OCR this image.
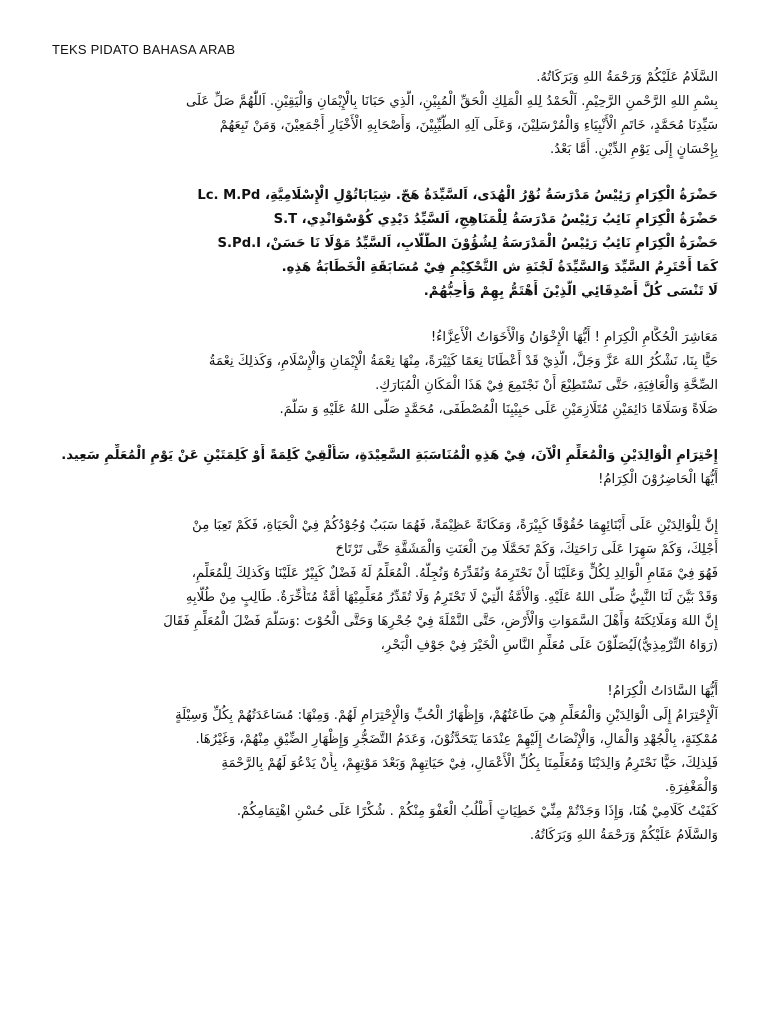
TEKS PIDATO BAHASA ARAB
السَّلَامُ عَلَيْكُمْ وَرَحْمَةُ اللهِ وَبَرَكَاتُهُ.
بِسْمِ اللهِ الرَّحْمنِ الرَّحِيْمِ. اَلْحَمْدُ لِلهِ الْمَلِكِ الْحَقِّ الْمُبِيْنِ، الَّذِي حَبَانَا بِالْإِيْمَانِ وَالْيَقِيْنِ. اَللّٰهُمَّ صَلِّ عَلَى
سَيِّدِنَا مُحَمَّدٍ، خَاتَمِ الْأَنْبِيَاءِ وَالْمُرْسَلِيْنَ، وَعَلَى آلِهِ الطَّيِّبِيْنَ، وَأَصْحَابِهِ الْأَخْيَارِ أَجْمَعِيْنَ، وَمَنْ تَبِعَهُمْ
بِإِحْسَانٍ إِلَى يَوْمِ الدِّيْنِ. أَمَّا بَعْدُ.
حَضْرَةُ الْكِرَامِ رَئِيْسُ مَدْرَسَةُ نُوْرُ الْهُدَى، اَلسَّيِّدَةُ هَجّ. شِيَابَاتُوْلِ الْإِسْلَامِيَّةِ، Lc. M.Pd
حَضْرَةُ الْكِرَامِ نَائِبُ رَئِيْسُ مَدْرَسَةُ لِلْمَنَاهِجِ، اَلسَّيِّدُ دَيْدِي كُوْسْوَانْدِي، S.T
حَضْرَةُ الْكِرَامِ نَائِبُ رَئِيْسُ الْمَدْرَسَةُ لِشُؤُوْنَ الطُّلَّابِ، اَلسَّيِّدُ مَوْلَا نَا حَسَنْ، S.Pd.I
كَمَا أَحْتَرِمُ السَّيِّدَ وَالسَّيِّدَةُ لَجْنَةِ ش التَّحْكِيْمِ فِيْ مُسَابَقَةِ الْخَطَابَةُ هَذِهِ.
لَا تَنْسَى كُلَّ أَصْدِقَائِي الَّذِيْنَ أَهْتَمُّ بِهِمْ وَأُحِبُّهُمْ.
مَعَاشِرَ الْحُكَّامِ الْكِرَامِ ! أَيُّهَا الْإِخْوَانُ وَالْأَخَوَاتُ الْأَعِزَّاءُ!
حَيًّا بِنَا، نَشْكُرُ اللهَ عَزَّ وَجَلَّ، الَّذِيْ قَدْ أَعْطَانَا نِعَمًا كَثِيْرَةً، مِنْهَا نِعْمَةُ الْإِيْمَانِ وَالْإِسْلَامِ، وَكَذلِكَ نِعْمَةُ
الصِّحَّةِ وَالْعَافِيَةِ، حَتَّى نَسْتَطِيْعَ أَنْ نَجْتَمِعَ فِيْ هَذَا الْمَكَانِ الْمُبَارَكِ.
صَلَاةً وَسَلَامًا دَائِمَيْنِ مُتَلَازِمَيْنِ عَلَى حَبِيْبِنَا الْمُصْطَفَى، مُحَمَّدٍ صَلَّى اللهُ عَلَيْهِ وَ سَلَّمَ.
إِحْتِرَامِ الْوَالِدَيْنِ وَالْمُعَلِّمِ الْآنَ، فِيْ هَذِهِ الْمُنَاسَبَةِ السَّعِيْدَةِ، سَأُلْقِيْ كَلِمَةً أَوْ كَلِمَتَيْنِ عَنْ يَوْمِ الْمُعَلِّمِ سَعِيد.
أَيُّهَا الْحَاضِرُوْنَ الْكِرَامُ!
إِنَّ لِلْوَالِدَيْنِ عَلَى أَبْنَائِهِمَا حُقُوْقًا كَبِيْرَةً، وَمَكَانَةً عَظِيْمَةً، فَهُمَا سَبَبٌ وُجُوْدُكُمْ فِيْ الْحَيَاةِ، فَكَمْ تَعِبَا مِنْ
أَجْلِكَ، وَكَمْ سَهِرَا عَلَى رَاحَتِكَ، وَكَمْ تَحَمَّلَا مِنَ الْعَنَتِ وَالْمَشَقَّةِ حَتَّى تَرْتَاحَ
فَهُوَ فِيْ مَقَامِ الْوَالِدِ لِكُلٍّ وَعَلَيْنَا أَنْ نَحْتَرِمَهُ وَنُقَدِّرَهُ وَنُجِلَّهُ. الْمُعَلِّمُ لَهُ فَضْلٌ كَبِيْرٌ عَلَيْنَا وَكَذلِكَ لِلْمُعَلِّمِ،
وَقَدْ بَيَّنَ لَنَا النَّبِيُّ صَلَّى اللهُ عَلَيْهِ. وَالْأُمَّةُ الَّتِيْ لَا تَحْتَرِمُ وَلَا تُقَدِّرُ مُعَلِّمِيْهَا أُمَّةٌ مُتَأَخِّرَةٌ. طَالِبٍ مِنْ طُلَّابِهِ
إِنَّ اللهَ وَمَلَائِكَتَهُ وَأَهْلَ السَّمَوَاتِ وَالْأَرْضِ، حَتَّى النَّمْلَةَ فِيْ جُحْرِهَا وَحَتَّى الْحُوْتَ :وَسَلَّمَ فَضْلَ الْمُعَلِّمِ فَقَالَ
(رَوَاهُ التِّرْمِذِيُّ)لَيُصَلُّوْنَ عَلَى مُعَلِّمِ النَّاسِ الْخَيْرَ فِيْ جَوْفِ الْبَحْرِ،
أَيُّهَا السَّادَاتُ الْكِرَامُ!
اَلْإِحْتِرَامُ إِلَى الْوَالِدَيْنِ وَالْمُعَلِّمِ هِيَ طَاعَتُهُمْ، وَإِظْهَارُ الْحُبِّ وَالْإِحْتِرَامِ لَهُمْ. وَمِنْهَا: مُسَاعَدَتُهُمْ بِكُلِّ وَسِيْلَةٍ
مُمْكِنَةٍ، بِالْجُهْدِ وَالْمَالِ، وَالْإِنْصَاتُ إِلَيْهِمْ عِنْدَمَا يَتَحَدَّثُوْنَ، وَعَدَمُ التَّضَجُّرِ وَإِظْهَارِ الضِّيْقِ مِنْهُمْ، وَغَيْرُهَا.
فَلِذلِكَ، حَيًّا نَحْتَرِمُ وَالِدَيْنَا وَمُعَلِّمِنَا بِكُلِّ الْأَعْمَالِ، فِيْ حَيَاتِهِمْ وَبَعْدَ مَوْتِهِمْ، بِأَنْ يَدْعُوَ لَهُمْ بِالرَّحْمَةِ
وَالْمَغْفِرَةِ.
كَفَيْتُ كَلَامِيْ هُنَا، وَإِذَا وَجَدْتُمْ مِنِّيْ خَطِيَاتٍ أَطْلُبُ الْعَفْوَ مِنْكُمْ . شُكْرًا عَلَى حُسْنِ اهْتِمَامِكُمْ.
وَالسَّلَامُ عَلَيْكُمْ وَرَحْمَةُ اللهِ وَبَرَكَاتُهُ.
